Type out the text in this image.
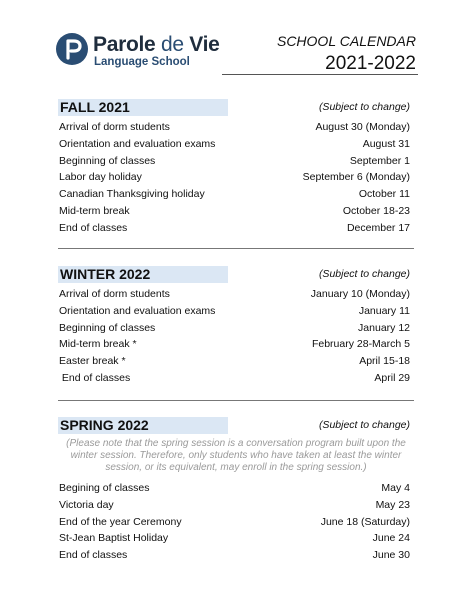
Parole de Vie
Language School
SCHOOL CALENDAR
2021-2022
FALL 2021	(Subject to change)
Arrival of dorm students	August 30 (Monday)
Orientation and evaluation exams	August 31
Beginning of classes	September 1
Labor day holiday	September 6 (Monday)
Canadian Thanksgiving holiday	October 11
Mid-term break	October 18-23
End of classes	December 17
WINTER 2022	(Subject to change)
Arrival of dorm students	January 10 (Monday)
Orientation and evaluation exams	January 11
Beginning of classes	January 12
Mid-term break *	February 28-March 5
Easter break *	April 15-18
End of classes	April 29
SPRING 2022	(Subject to change)
(Please note that the spring session is a conversation program built upon the winter session. Therefore, only students who have taken at least the winter session, or its equivalent, may enroll in the spring session.)
Begining of classes	May 4
Victoria day	May 23
End of the year Ceremony	June 18 (Saturday)
St-Jean Baptist Holiday	June 24
End of classes	June 30
